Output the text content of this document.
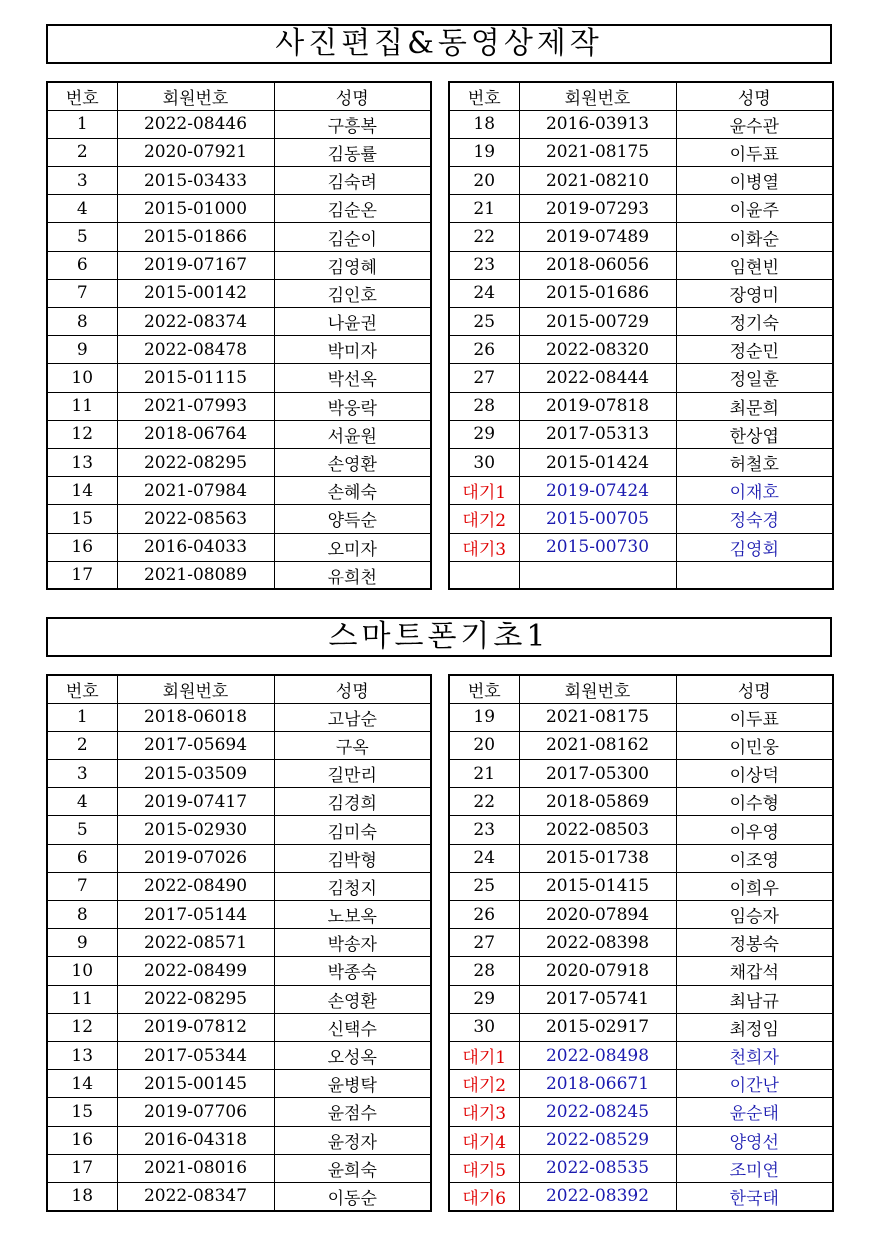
사진편집&동영상제작
번호	회원번호	성명
1	2022-08446	구흥복
2	2020-07921	김동률
3	2015-03433	김숙려
4	2015-01000	김순온
5	2015-01866	김순이
6	2019-07167	김영혜
7	2015-00142	김인호
8	2022-08374	나윤권
9	2022-08478	박미자
10	2015-01115	박선옥
11	2021-07993	박웅락
12	2018-06764	서윤원
13	2022-08295	손영환
14	2021-07984	손혜숙
15	2022-08563	양득순
16	2016-04033	오미자
17	2021-08089	유희천
번호	회원번호	성명
18	2016-03913	윤수관
19	2021-08175	이두표
20	2021-08210	이병열
21	2019-07293	이윤주
22	2019-07489	이화순
23	2018-06056	임현빈
24	2015-01686	장영미
25	2015-00729	정기숙
26	2022-08320	정순민
27	2022-08444	정일훈
28	2019-07818	최문희
29	2017-05313	한상엽
30	2015-01424	허철호
대기1	2019-07424	이재호
대기2	2015-00705	정숙경
대기3	2015-00730	김영회

스마트폰기초1
번호	회원번호	성명
1	2018-06018	고남순
2	2017-05694	구옥
3	2015-03509	길만리
4	2019-07417	김경희
5	2015-02930	김미숙
6	2019-07026	김박형
7	2022-08490	김청지
8	2017-05144	노보옥
9	2022-08571	박송자
10	2022-08499	박종숙
11	2022-08295	손영환
12	2019-07812	신택수
13	2017-05344	오성옥
14	2015-00145	윤병탁
15	2019-07706	윤점수
16	2016-04318	윤정자
17	2021-08016	윤희숙
18	2022-08347	이동순
번호	회원번호	성명
19	2021-08175	이두표
20	2021-08162	이민웅
21	2017-05300	이상덕
22	2018-05869	이수형
23	2022-08503	이우영
24	2015-01738	이조영
25	2015-01415	이희우
26	2020-07894	임승자
27	2022-08398	정봉숙
28	2020-07918	채갑석
29	2017-05741	최남규
30	2015-02917	최정임
대기1	2022-08498	천희자
대기2	2018-06671	이간난
대기3	2022-08245	윤순태
대기4	2022-08529	양영선
대기5	2022-08535	조미연
대기6	2022-08392	한국태
